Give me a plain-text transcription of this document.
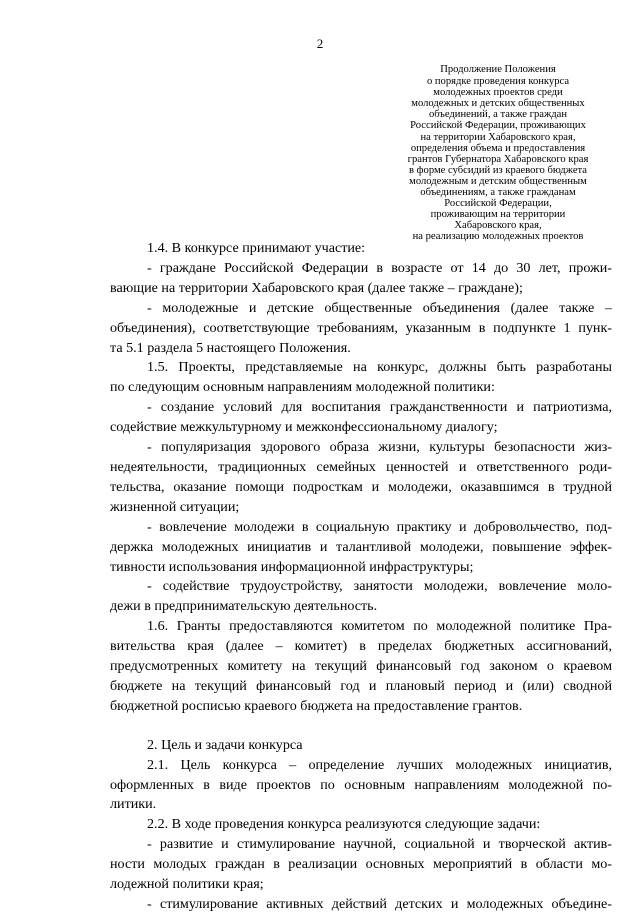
2
Продолжение Положения
о порядке проведения конкурса
молодежных проектов среди
молодежных и детских общественных
объединений, а также граждан
Российской Федерации, проживающих
на территории Хабаровского края,
определения объема и предоставления
грантов Губернатора Хабаровского края
в форме субсидий из краевого бюджета
молодежным и детским общественным
объединениям, а также гражданам
Российской Федерации,
проживающим на территории
Хабаровского края,
на реализацию молодежных проектов

1.4. В конкурсе принимают участие:

- граждане Российской Федерации в возрасте от 14 до 30 лет, прожи-
вающие на территории Хабаровского края (далее также – граждане);

- молодежные и детские общественные объединения (далее также –
объединения), соответствующие требованиям, указанным в подпункте 1 пунк-
та 5.1 раздела 5 настоящего Положения.

1.5. Проекты, представляемые на конкурс, должны быть разработаны
по следующим основным направлениям молодежной политики:

- создание условий для воспитания гражданственности и патриотизма,
содействие межкультурному и межконфессиональному диалогу;

- популяризация здорового образа жизни, культуры безопасности жиз-
недеятельности, традиционных семейных ценностей и ответственного роди-
тельства, оказание помощи подросткам и молодежи, оказавшимся в трудной
жизненной ситуации;

- вовлечение молодежи в социальную практику и добровольчество, под-
держка молодежных инициатив и талантливой молодежи, повышение эффек-
тивности использования информационной инфраструктуры;

- содействие трудоустройству, занятости молодежи, вовлечение моло-
дежи в предпринимательскую деятельность.

1.6. Гранты предоставляются комитетом по молодежной политике Пра-
вительства края (далее – комитет) в пределах бюджетных ассигнований,
предусмотренных комитету на текущий финансовый год законом о краевом
бюджете на текущий финансовый год и плановый период и (или) сводной
бюджетной росписью краевого бюджета на предоставление грантов.

2. Цель и задачи конкурса

2.1. Цель конкурса – определение лучших молодежных инициатив,
оформленных в виде проектов по основным направлениям молодежной по-
литики.

2.2. В ходе проведения конкурса реализуются следующие задачи:

- развитие и стимулирование научной, социальной и творческой актив-
ности молодых граждан в реализации основных мероприятий в области мо-
лодежной политики края;

- стимулирование активных действий детских и молодежных объедине-
